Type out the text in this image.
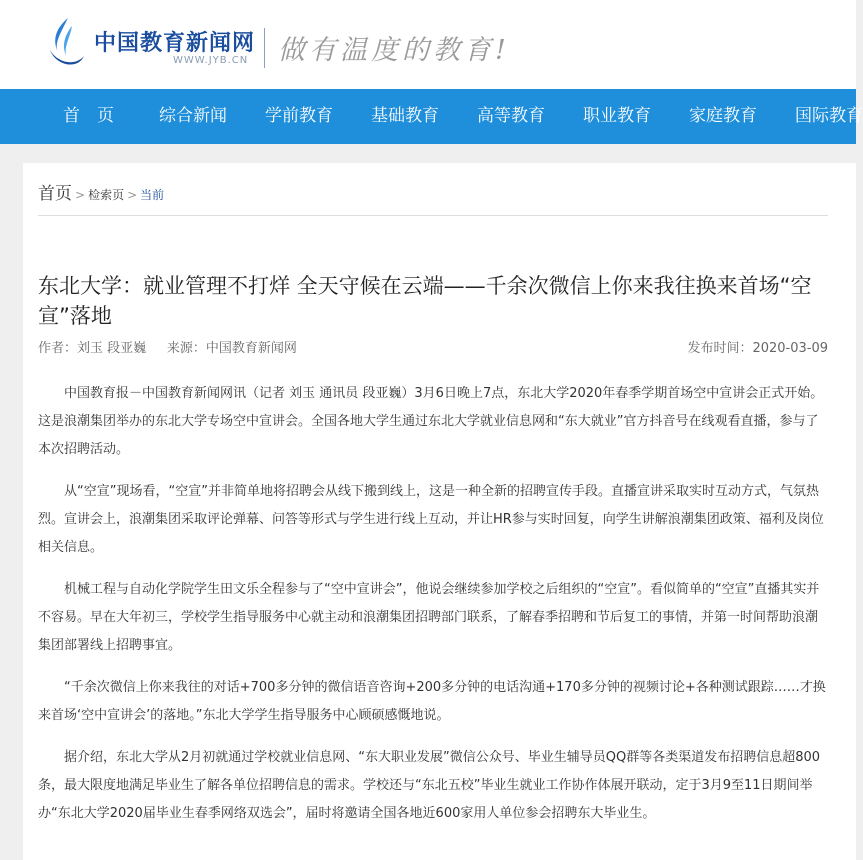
中国教育新闻网
WWW.JYB.CN 做有温度的教育!
首　页	综合新闻 学前教育 基础教育 高等教育 职业教育 家庭教育 国际教育
首页 > 检索页 > 当前
东北大学：就业管理不打烊 全天守候在云端——千余次微信上你来我往换来首场“空宣”落地
作者：刘玉 段亚巍 来源：中国教育新闻网	发布时间：2020-03-09

中国教育报－中国教育新闻网讯（记者 刘玉 通讯员 段亚巍）3月6日晚上7点，东北大学2020年春季学期首场空中宣讲会正式开始。这是浪潮集团举办的东北大学专场空中宣讲会。全国各地大学生通过东北大学就业信息网和“东大就业”官方抖音号在线观看直播，参与了本次招聘活动。

从“空宣”现场看，“空宣”并非简单地将招聘会从线下搬到线上，这是一种全新的招聘宣传手段。直播宣讲采取实时互动方式，气氛热烈。宣讲会上，浪潮集团采取评论弹幕、问答等形式与学生进行线上互动，并让HR参与实时回复，向学生讲解浪潮集团政策、福利及岗位相关信息。

机械工程与自动化学院学生田文乐全程参与了“空中宣讲会”，他说会继续参加学校之后组织的“空宣”。看似简单的“空宣”直播其实并不容易。早在大年初三，学校学生指导服务中心就主动和浪潮集团招聘部门联系，了解春季招聘和节后复工的事情，并第一时间帮助浪潮集团部署线上招聘事宜。

“千余次微信上你来我往的对话+700多分钟的微信语音咨询+200多分钟的电话沟通+170多分钟的视频讨论+各种测试跟踪……才换来首场‘空中宣讲会’的落地。”东北大学学生指导服务中心顾硕感慨地说。

据介绍，东北大学从2月初就通过学校就业信息网、“东大职业发展”微信公众号、毕业生辅导员QQ群等各类渠道发布招聘信息超800条，最大限度地满足毕业生了解各单位招聘信息的需求。学校还与“东北五校”毕业生就业工作协作体展开联动，定于3月9至11日期间举办“东北大学2020届毕业生春季网络双选会”，届时将邀请全国各地近600家用人单位参会招聘东大毕业生。
